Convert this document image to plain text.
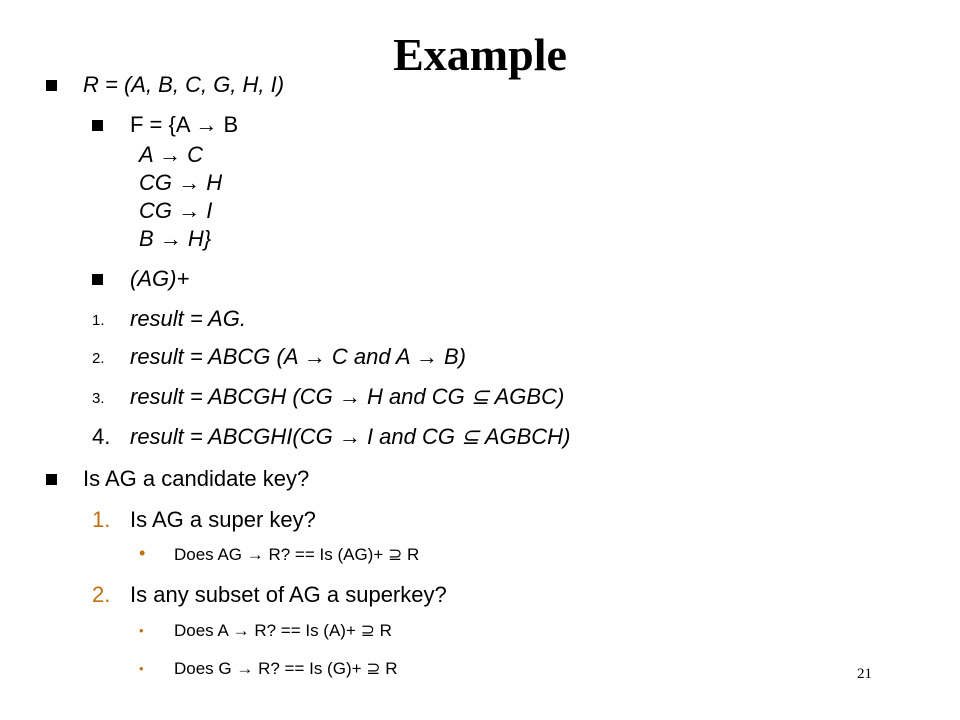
Example
R = (A, B, C, G, H, I)
F = {A → B
A → C
CG → H
CG → I
B → H}
(AG)+
1. result = AG.
2. result = ABCG (A → C and A → B)
3. result = ABCGH (CG → H and CG ⊆ AGBC)
4. result = ABCGHI(CG → I and CG ⊆ AGBCH)
Is AG a candidate key?
1. Is AG a super key?
• Does AG → R? == Is (AG)+ ⊇ R
2. Is any subset of AG a superkey?
• Does A → R? == Is (A)+ ⊇ R
• Does G → R? == Is (G)+ ⊇ R	21
